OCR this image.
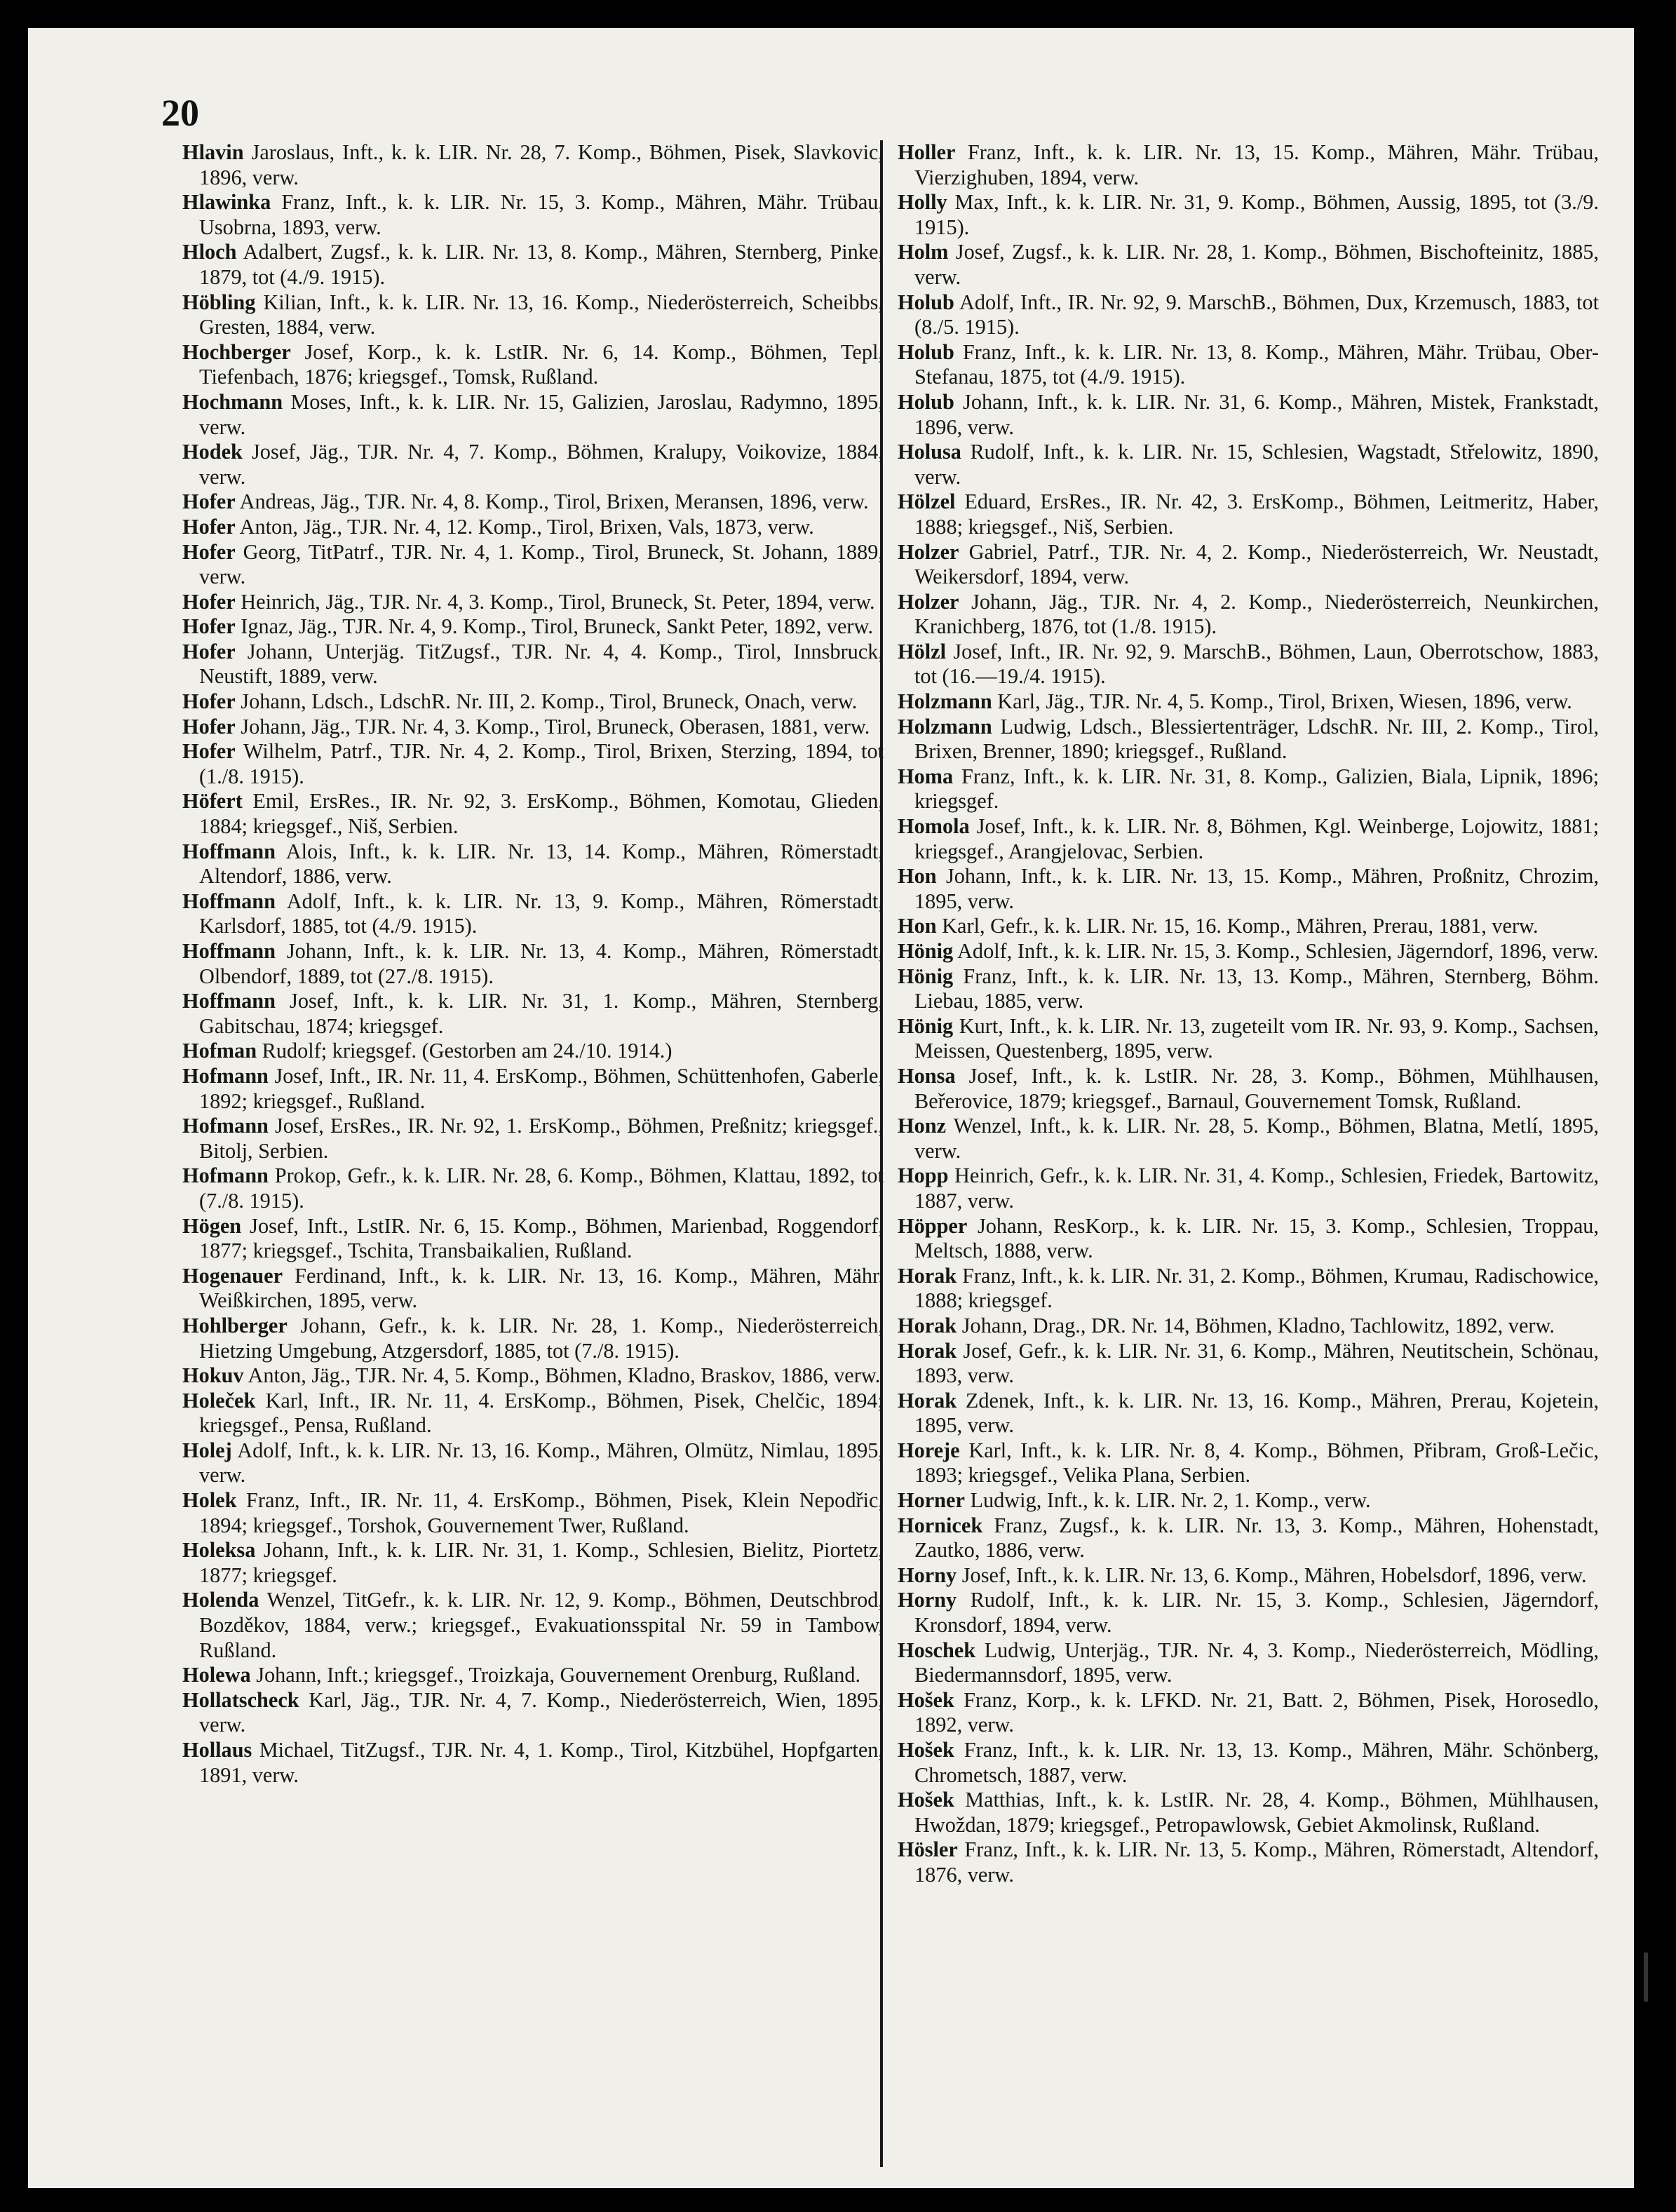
20

Hlavin Jaroslaus, Inft., k. k. LIR. Nr. 28, 7. Komp., Böhmen, Pisek, Slavkovic, 1896, verw.

Hlawinka Franz, Inft., k. k. LIR. Nr. 15, 3. Komp., Mähren, Mähr. Trübau, Usobrna, 1893, verw.

Hloch Adalbert, Zugsf., k. k. LIR. Nr. 13, 8. Komp., Mähren, Sternberg, Pinke, 1879, tot (4./9. 1915).

Höbling Kilian, Inft., k. k. LIR. Nr. 13, 16. Komp., Niederösterreich, Scheibbs, Gresten, 1884, verw.

Hochberger Josef, Korp., k. k. LstIR. Nr. 6, 14. Komp., Böhmen, Tepl, Tiefenbach, 1876; kriegsgef., Tomsk, Rußland.

Hochmann Moses, Inft., k. k. LIR. Nr. 15, Galizien, Jaroslau, Radymno, 1895, verw.

Hodek Josef, Jäg., TJR. Nr. 4, 7. Komp., Böhmen, Kralupy, Voikovize, 1884, verw.

Hofer Andreas, Jäg., TJR. Nr. 4, 8. Komp., Tirol, Brixen, Meransen, 1896, verw.

Hofer Anton, Jäg., TJR. Nr. 4, 12. Komp., Tirol, Brixen, Vals, 1873, verw.

Hofer Georg, TitPatrf., TJR. Nr. 4, 1. Komp., Tirol, Bruneck, St. Johann, 1889, verw.

Hofer Heinrich, Jäg., TJR. Nr. 4, 3. Komp., Tirol, Bruneck, St. Peter, 1894, verw.

Hofer Ignaz, Jäg., TJR. Nr. 4, 9. Komp., Tirol, Bruneck, Sankt Peter, 1892, verw.

Hofer Johann, Unterjäg. TitZugsf., TJR. Nr. 4, 4. Komp., Tirol, Innsbruck, Neustift, 1889, verw.

Hofer Johann, Ldsch., LdschR. Nr. III, 2. Komp., Tirol, Bruneck, Onach, verw.

Hofer Johann, Jäg., TJR. Nr. 4, 3. Komp., Tirol, Bruneck, Oberasen, 1881, verw.

Hofer Wilhelm, Patrf., TJR. Nr. 4, 2. Komp., Tirol, Brixen, Sterzing, 1894, tot (1./8. 1915).

Höfert Emil, ErsRes., IR. Nr. 92, 3. ErsKomp., Böhmen, Komotau, Glieden, 1884; kriegsgef., Niš, Serbien.

Hoffmann Alois, Inft., k. k. LIR. Nr. 13, 14. Komp., Mähren, Römerstadt, Altendorf, 1886, verw.

Hoffmann Adolf, Inft., k. k. LIR. Nr. 13, 9. Komp., Mähren, Römerstadt, Karlsdorf, 1885, tot (4./9. 1915).

Hoffmann Johann, Inft., k. k. LIR. Nr. 13, 4. Komp., Mähren, Römerstadt, Olbendorf, 1889, tot (27./8. 1915).

Hoffmann Josef, Inft., k. k. LIR. Nr. 31, 1. Komp., Mähren, Sternberg, Gabitschau, 1874; kriegsgef.

Hofman Rudolf; kriegsgef. (Gestorben am 24./10. 1914.)

Hofmann Josef, Inft., IR. Nr. 11, 4. ErsKomp., Böhmen, Schüttenhofen, Gaberle, 1892; kriegsgef., Rußland.

Hofmann Josef, ErsRes., IR. Nr. 92, 1. ErsKomp., Böhmen, Preßnitz; kriegsgef., Bitolj, Serbien.

Hofmann Prokop, Gefr., k. k. LIR. Nr. 28, 6. Komp., Böhmen, Klattau, 1892, tot (7./8. 1915).

Högen Josef, Inft., LstIR. Nr. 6, 15. Komp., Böhmen, Marienbad, Roggendorf, 1877; kriegsgef., Tschita, Transbaikalien, Rußland.

Hogenauer Ferdinand, Inft., k. k. LIR. Nr. 13, 16. Komp., Mähren, Mähr. Weißkirchen, 1895, verw.

Hohlberger Johann, Gefr., k. k. LIR. Nr. 28, 1. Komp., Niederösterreich, Hietzing Umgebung, Atzgersdorf, 1885, tot (7./8. 1915).

Hokuv Anton, Jäg., TJR. Nr. 4, 5. Komp., Böhmen, Kladno, Braskov, 1886, verw.

Holeček Karl, Inft., IR. Nr. 11, 4. ErsKomp., Böhmen, Pisek, Chelčic, 1894; kriegsgef., Pensa, Rußland.

Holej Adolf, Inft., k. k. LIR. Nr. 13, 16. Komp., Mähren, Olmütz, Nimlau, 1895, verw.

Holek Franz, Inft., IR. Nr. 11, 4. ErsKomp., Böhmen, Pisek, Klein Nepodřic, 1894; kriegsgef., Torshok, Gouvernement Twer, Rußland.

Holeksa Johann, Inft., k. k. LIR. Nr. 31, 1. Komp., Schlesien, Bielitz, Piortetz, 1877; kriegsgef.

Holenda Wenzel, TitGefr., k. k. LIR. Nr. 12, 9. Komp., Böhmen, Deutschbrod, Bozděkov, 1884, verw.; kriegsgef., Evakuationsspital Nr. 59 in Tambow, Rußland.

Holewa Johann, Inft.; kriegsgef., Troizkaja, Gouvernement Orenburg, Rußland.

Hollatscheck Karl, Jäg., TJR. Nr. 4, 7. Komp., Niederösterreich, Wien, 1895, verw.

Hollaus Michael, TitZugsf., TJR. Nr. 4, 1. Komp., Tirol, Kitzbühel, Hopfgarten, 1891, verw.

Holler Franz, Inft., k. k. LIR. Nr. 13, 15. Komp., Mähren, Mähr. Trübau, Vierzighuben, 1894, verw.

Holly Max, Inft., k. k. LIR. Nr. 31, 9. Komp., Böhmen, Aussig, 1895, tot (3./9. 1915).

Holm Josef, Zugsf., k. k. LIR. Nr. 28, 1. Komp., Böhmen, Bischofteinitz, 1885, verw.

Holub Adolf, Inft., IR. Nr. 92, 9. MarschB., Böhmen, Dux, Krzemusch, 1883, tot (8./5. 1915).

Holub Franz, Inft., k. k. LIR. Nr. 13, 8. Komp., Mähren, Mähr. Trübau, Ober-Stefanau, 1875, tot (4./9. 1915).

Holub Johann, Inft., k. k. LIR. Nr. 31, 6. Komp., Mähren, Mistek, Frankstadt, 1896, verw.

Holusa Rudolf, Inft., k. k. LIR. Nr. 15, Schlesien, Wagstadt, Střelowitz, 1890, verw.

Hölzel Eduard, ErsRes., IR. Nr. 42, 3. ErsKomp., Böhmen, Leitmeritz, Haber, 1888; kriegsgef., Niš, Serbien.

Holzer Gabriel, Patrf., TJR. Nr. 4, 2. Komp., Niederösterreich, Wr. Neustadt, Weikersdorf, 1894, verw.

Holzer Johann, Jäg., TJR. Nr. 4, 2. Komp., Niederösterreich, Neunkirchen, Kranichberg, 1876, tot (1./8. 1915).

Hölzl Josef, Inft., IR. Nr. 92, 9. MarschB., Böhmen, Laun, Oberrotschow, 1883, tot (16.—19./4. 1915).

Holzmann Karl, Jäg., TJR. Nr. 4, 5. Komp., Tirol, Brixen, Wiesen, 1896, verw.

Holzmann Ludwig, Ldsch., Blessiertenträger, LdschR. Nr. III, 2. Komp., Tirol, Brixen, Brenner, 1890; kriegsgef., Rußland.

Homa Franz, Inft., k. k. LIR. Nr. 31, 8. Komp., Galizien, Biala, Lipnik, 1896; kriegsgef.

Homola Josef, Inft., k. k. LIR. Nr. 8, Böhmen, Kgl. Weinberge, Lojowitz, 1881; kriegsgef., Arangjelovac, Serbien.

Hon Johann, Inft., k. k. LIR. Nr. 13, 15. Komp., Mähren, Proßnitz, Chrozim, 1895, verw.

Hon Karl, Gefr., k. k. LIR. Nr. 15, 16. Komp., Mähren, Prerau, 1881, verw.

Hönig Adolf, Inft., k. k. LIR. Nr. 15, 3. Komp., Schlesien, Jägerndorf, 1896, verw.

Hönig Franz, Inft., k. k. LIR. Nr. 13, 13. Komp., Mähren, Sternberg, Böhm. Liebau, 1885, verw.

Hönig Kurt, Inft., k. k. LIR. Nr. 13, zugeteilt vom IR. Nr. 93, 9. Komp., Sachsen, Meissen, Questenberg, 1895, verw.

Honsa Josef, Inft., k. k. LstIR. Nr. 28, 3. Komp., Böhmen, Mühlhausen, Beřerovice, 1879; kriegsgef., Barnaul, Gouvernement Tomsk, Rußland.

Honz Wenzel, Inft., k. k. LIR. Nr. 28, 5. Komp., Böhmen, Blatna, Metlí, 1895, verw.

Hopp Heinrich, Gefr., k. k. LIR. Nr. 31, 4. Komp., Schlesien, Friedek, Bartowitz, 1887, verw.

Höpper Johann, ResKorp., k. k. LIR. Nr. 15, 3. Komp., Schlesien, Troppau, Meltsch, 1888, verw.

Horak Franz, Inft., k. k. LIR. Nr. 31, 2. Komp., Böhmen, Krumau, Radischowice, 1888; kriegsgef.

Horak Johann, Drag., DR. Nr. 14, Böhmen, Kladno, Tachlowitz, 1892, verw.

Horak Josef, Gefr., k. k. LIR. Nr. 31, 6. Komp., Mähren, Neutitschein, Schönau, 1893, verw.

Horak Zdenek, Inft., k. k. LIR. Nr. 13, 16. Komp., Mähren, Prerau, Kojetein, 1895, verw.

Horeje Karl, Inft., k. k. LIR. Nr. 8, 4. Komp., Böhmen, Přibram, Groß-Lečic, 1893; kriegsgef., Velika Plana, Serbien.

Horner Ludwig, Inft., k. k. LIR. Nr. 2, 1. Komp., verw.

Hornicek Franz, Zugsf., k. k. LIR. Nr. 13, 3. Komp., Mähren, Hohenstadt, Zautko, 1886, verw.

Horny Josef, Inft., k. k. LIR. Nr. 13, 6. Komp., Mähren, Hobelsdorf, 1896, verw.

Horny Rudolf, Inft., k. k. LIR. Nr. 15, 3. Komp., Schlesien, Jägerndorf, Kronsdorf, 1894, verw.

Hoschek Ludwig, Unterjäg., TJR. Nr. 4, 3. Komp., Niederösterreich, Mödling, Biedermannsdorf, 1895, verw.

Hošek Franz, Korp., k. k. LFKD. Nr. 21, Batt. 2, Böhmen, Pisek, Horosedlo, 1892, verw.

Hošek Franz, Inft., k. k. LIR. Nr. 13, 13. Komp., Mähren, Mähr. Schönberg, Chrometsch, 1887, verw.

Hošek Matthias, Inft., k. k. LstIR. Nr. 28, 4. Komp., Böhmen, Mühlhausen, Hwoždan, 1879; kriegsgef., Petropawlowsk, Gebiet Akmolinsk, Rußland.

Hösler Franz, Inft., k. k. LIR. Nr. 13, 5. Komp., Mähren, Römerstadt, Altendorf, 1876, verw.
